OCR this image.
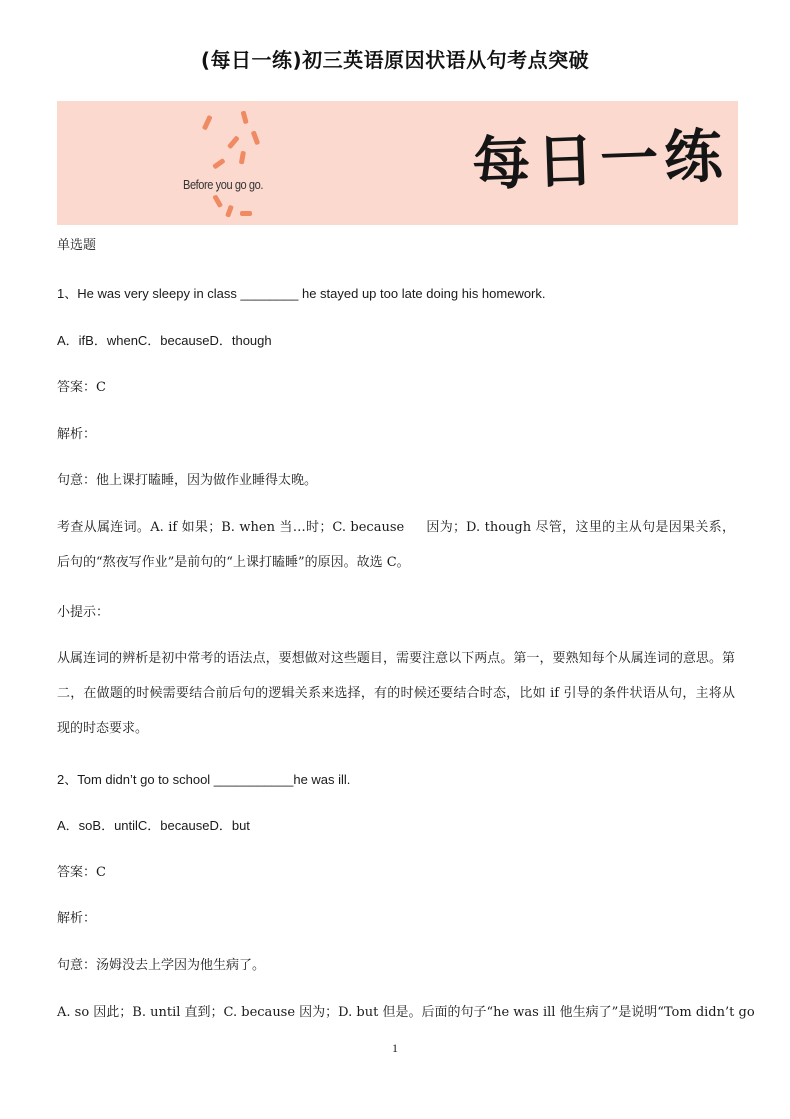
(每日一练)初三英语原因状语从句考点突破
Before you go go.	每日一练
单选题
1、He was very sleepy in class ________ he stayed up too late doing his homework.
A．ifB．whenC．becauseD．though
答案：C
解析：
句意：他上课打瞌睡，因为做作业睡得太晚。
考查从属连词。A. if 如果；B. when 当…时；C. because 　 因为；D. though 尽管，这里的主从句是因果关系，后句的“熬夜写作业”是前句的“上课打瞌睡”的原因。故选 C。
小提示：
从属连词的辨析是初中常考的语法点，要想做对这些题目，需要注意以下两点。第一，要熟知每个从属连词的意思。第二，在做题的时候需要结合前后句的逻辑关系来选择，有的时候还要结合时态，比如 if 引导的条件状语从句，主将从现的时态要求。
2、Tom didn’t go to school ___________he was ill.
A．soB．untilC．becauseD．but
答案：C
解析：
句意：汤姆没去上学因为他生病了。
A. so 因此；B. until 直到；C. because 因为；D. but 但是。后面的句子“he was ill 他生病了”是说明“Tom didn’t go
1
